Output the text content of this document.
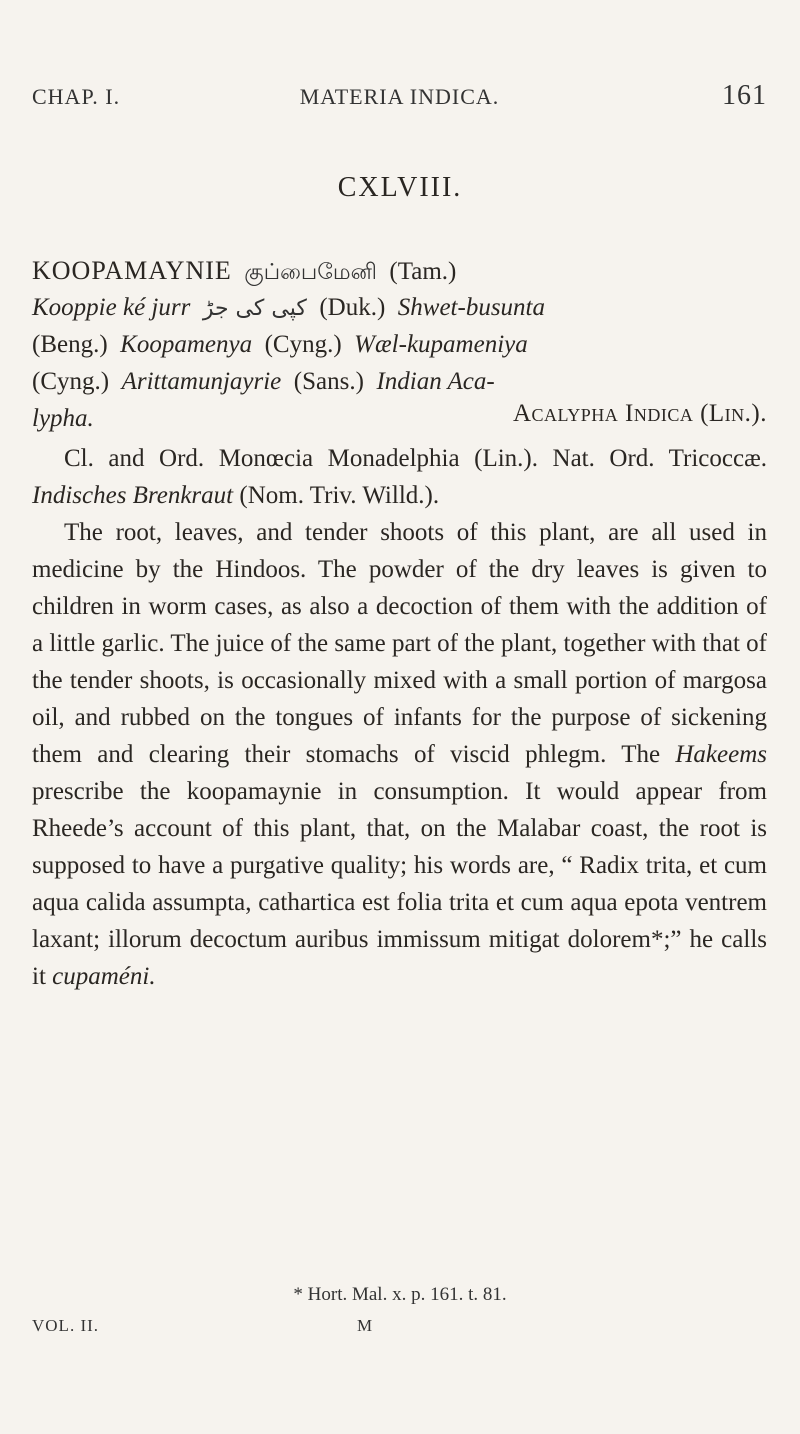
CHAP. I.	MATERIA INDICA.	161
CXLVIII.
KOOPAMAYNIE குப்பைமேனி (Tam.)
Kooppie ké jurr کپی کی جڑ (Duk.) Shwet-busunta
(Beng.) Koopamenya (Cyng.) Wæl-kupameniya
(Cyng.) Arittamunjayrie (Sans.) Indian Aca-
lypha.	Acalypha Indica (Lin.).

Cl. and Ord. Monœcia Monadelphia (Lin.). Nat. Ord. Tricoccæ. Indisches Brenkraut (Nom. Triv. Willd.).

The root, leaves, and tender shoots of this plant, are all used in medicine by the Hindoos. The powder of the dry leaves is given to children in worm cases, as also a decoction of them with the addition of a little garlic. The juice of the same part of the plant, together with that of the tender shoots, is occasionally mixed with a small portion of margosa oil, and rubbed on the tongues of infants for the purpose of sickening them and clearing their stomachs of viscid phlegm. The Hakeems prescribe the koopamaynie in consumption. It would appear from Rheede’s account of this plant, that, on the Malabar coast, the root is supposed to have a purgative quality; his words are, “ Radix trita, et cum aqua calida assumpta, cathartica est folia trita et cum aqua epota ventrem laxant; illorum decoctum auribus immissum mitigat dolorem*;” he calls it cupaméni.

* Hort. Mal. x. p. 161. t. 81.
VOL. II.	M
